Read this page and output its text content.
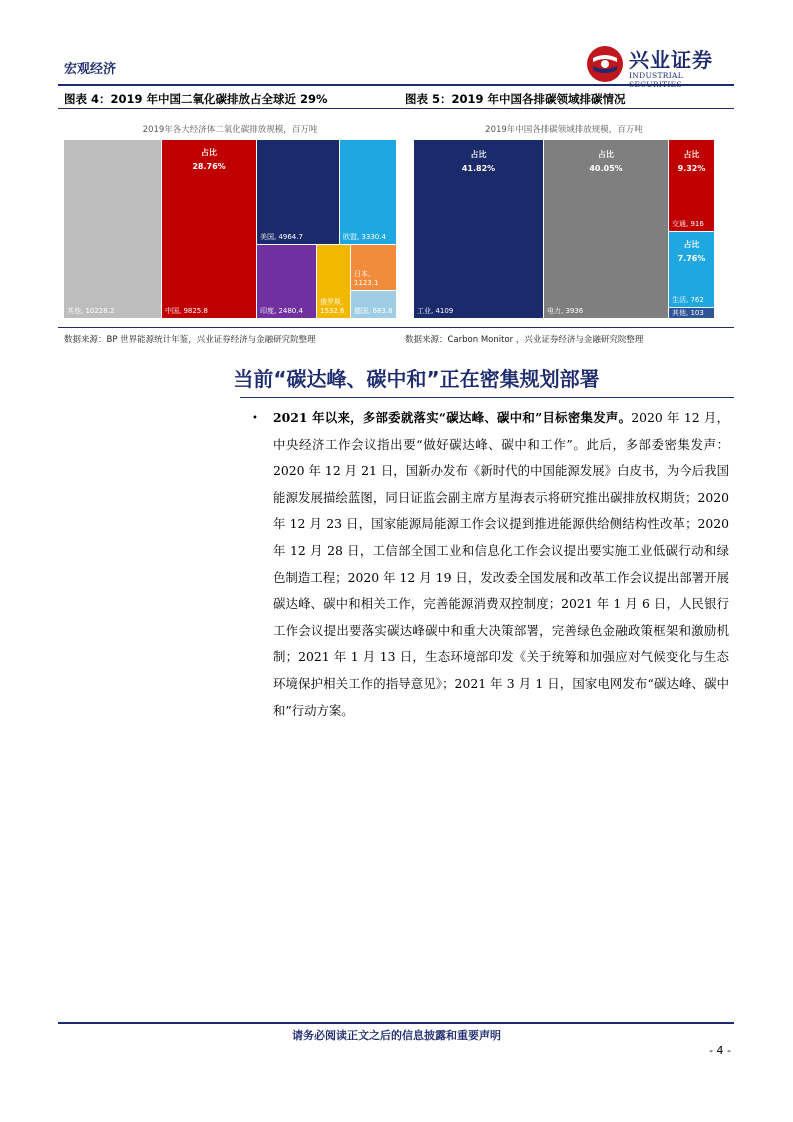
宏观经济	兴业证券
INDUSTRIAL SECURITIES
图表 4：2019 年中国二氧化碳排放占全球近 29%	图表 5：2019 年中国各排碳领域排碳情况
2019年各大经济体二氧化碳排放规模，百万吨
其他, 10228.2
占比
28.76%
中国, 9825.8
美国, 4964.7	欧盟, 3330.4
印度, 2480.4
俄罗斯, 1532.6
日本, 1123.1
德国, 683.8
2019年中国各排碳领域排放规模，百万吨
占比
41.82%
工业, 4109
占比
40.05%
电力, 3936
占比
9.32%
交通, 916
占比
7.76%
生活, 762
其他, 103
数据来源：BP 世界能源统计年鉴，兴业证券经济与金融研究院整理	数据来源：Carbon Monitor ，兴业证券经济与金融研究院整理
当前“碳达峰、碳中和”正在密集规划部署
• 2021 年以来，多部委就落实“碳达峰、碳中和”目标密集发声。2020 年 12 月，中央经济工作会议指出要“做好碳达峰、碳中和工作”。此后，多部委密集发声：2020 年 12 月 21 日，国新办发布《新时代的中国能源发展》白皮书，为今后我国能源发展描绘蓝图，同日证监会副主席方星海表示将研究推出碳排放权期货；2020 年 12 月 23 日，国家能源局能源工作会议提到推进能源供给侧结构性改革；2020 年 12 月 28 日，工信部全国工业和信息化工作会议提出要实施工业低碳行动和绿色制造工程；2020 年 12 月 19 日，发改委全国发展和改革工作会议提出部署开展碳达峰、碳中和相关工作，完善能源消费双控制度；2021 年 1 月 6 日，人民银行工作会议提出要落实碳达峰碳中和重大决策部署，完善绿色金融政策框架和激励机制；2021 年 1 月 13 日，生态环境部印发《关于统筹和加强应对气候变化与生态环境保护相关工作的指导意见》；2021 年 3 月 1 日，国家电网发布“碳达峰、碳中和”行动方案。
请务必阅读正文之后的信息披露和重要声明
- 4 -
